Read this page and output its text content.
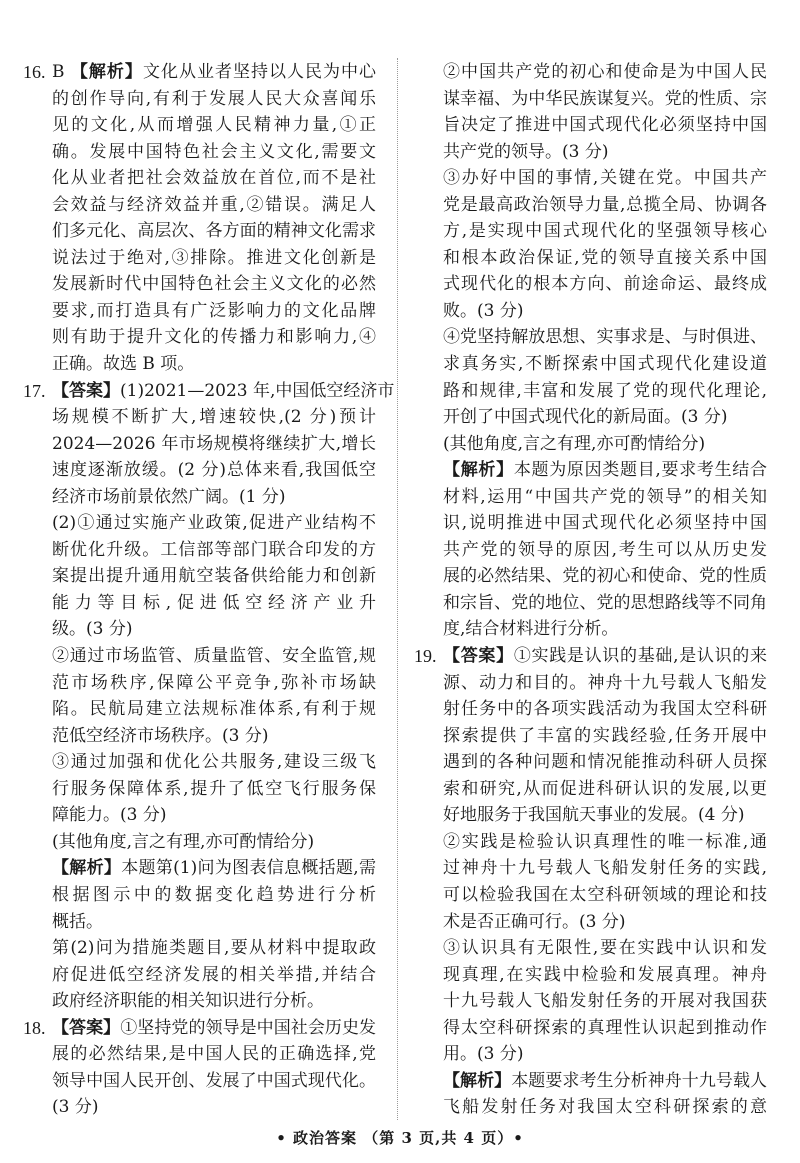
16. B 【解析】文化从业者坚持以人民为中心
的创作导向,有利于发展人民大众喜闻乐
见的文化,从而增强人民精神力量,①正
确。发展中国特色社会主义文化,需要文
化从业者把社会效益放在首位,而不是社
会效益与经济效益并重,②错误。满足人
们多元化、高层次、各方面的精神文化需求
说法过于绝对,③排除。推进文化创新是
发展新时代中国特色社会主义文化的必然
要求,而打造具有广泛影响力的文化品牌
则有助于提升文化的传播力和影响力,④
正确。故选 B 项。
17. 【答案】(1)2021—2023 年,中国低空经济市
场规模不断扩大,增速较快,(2 分)预计
2024—2026 年市场规模将继续扩大,增长
速度逐渐放缓。(2 分)总体来看,我国低空
经济市场前景依然广阔。(1 分)
(2)①通过实施产业政策,促进产业结构不
断优化升级。工信部等部门联合印发的方
案提出提升通用航空装备供给能力和创新
能力等目标,促进低空经济产业升
级。(3 分)
②通过市场监管、质量监管、安全监管,规
范市场秩序,保障公平竞争,弥补市场缺
陷。民航局建立法规标准体系,有利于规
范低空经济市场秩序。(3 分)
③通过加强和优化公共服务,建设三级飞
行服务保障体系,提升了低空飞行服务保
障能力。(3 分)
(其他角度,言之有理,亦可酌情给分)
【解析】本题第(1)问为图表信息概括题,需
根据图示中的数据变化趋势进行分析
概括。
第(2)问为措施类题目,要从材料中提取政
府促进低空经济发展的相关举措,并结合
政府经济职能的相关知识进行分析。
18. 【答案】①坚持党的领导是中国社会历史发
展的必然结果,是中国人民的正确选择,党
领导中国人民开创、发展了中国式现代化。
(3 分)
②中国共产党的初心和使命是为中国人民
谋幸福、为中华民族谋复兴。党的性质、宗
旨决定了推进中国式现代化必须坚持中国
共产党的领导。(3 分)
③办好中国的事情,关键在党。中国共产
党是最高政治领导力量,总揽全局、协调各
方,是实现中国式现代化的坚强领导核心
和根本政治保证,党的领导直接关系中国
式现代化的根本方向、前途命运、最终成
败。(3 分)
④党坚持解放思想、实事求是、与时俱进、
求真务实,不断探索中国式现代化建设道
路和规律,丰富和发展了党的现代化理论,
开创了中国式现代化的新局面。(3 分)
(其他角度,言之有理,亦可酌情给分)
【解析】本题为原因类题目,要求考生结合
材料,运用“中国共产党的领导”的相关知
识,说明推进中国式现代化必须坚持中国
共产党的领导的原因,考生可以从历史发
展的必然结果、党的初心和使命、党的性质
和宗旨、党的地位、党的思想路线等不同角
度,结合材料进行分析。
19. 【答案】①实践是认识的基础,是认识的来
源、动力和目的。神舟十九号载人飞船发
射任务中的各项实践活动为我国太空科研
探索提供了丰富的实践经验,任务开展中
遇到的各种问题和情况能推动科研人员探
索和研究,从而促进科研认识的发展,以更
好地服务于我国航天事业的发展。(4 分)
②实践是检验认识真理性的唯一标准,通
过神舟十九号载人飞船发射任务的实践,
可以检验我国在太空科研领域的理论和技
术是否正确可行。(3 分)
③认识具有无限性,要在实践中认识和发
现真理,在实践中检验和发展真理。神舟
十九号载人飞船发射任务的开展对我国获
得太空科研探索的真理性认识起到推动作
用。(3 分)
【解析】本题要求考生分析神舟十九号载人
飞船发射任务对我国太空科研探索的意
• 政治答案 （第 3 页,共 4 页）•
